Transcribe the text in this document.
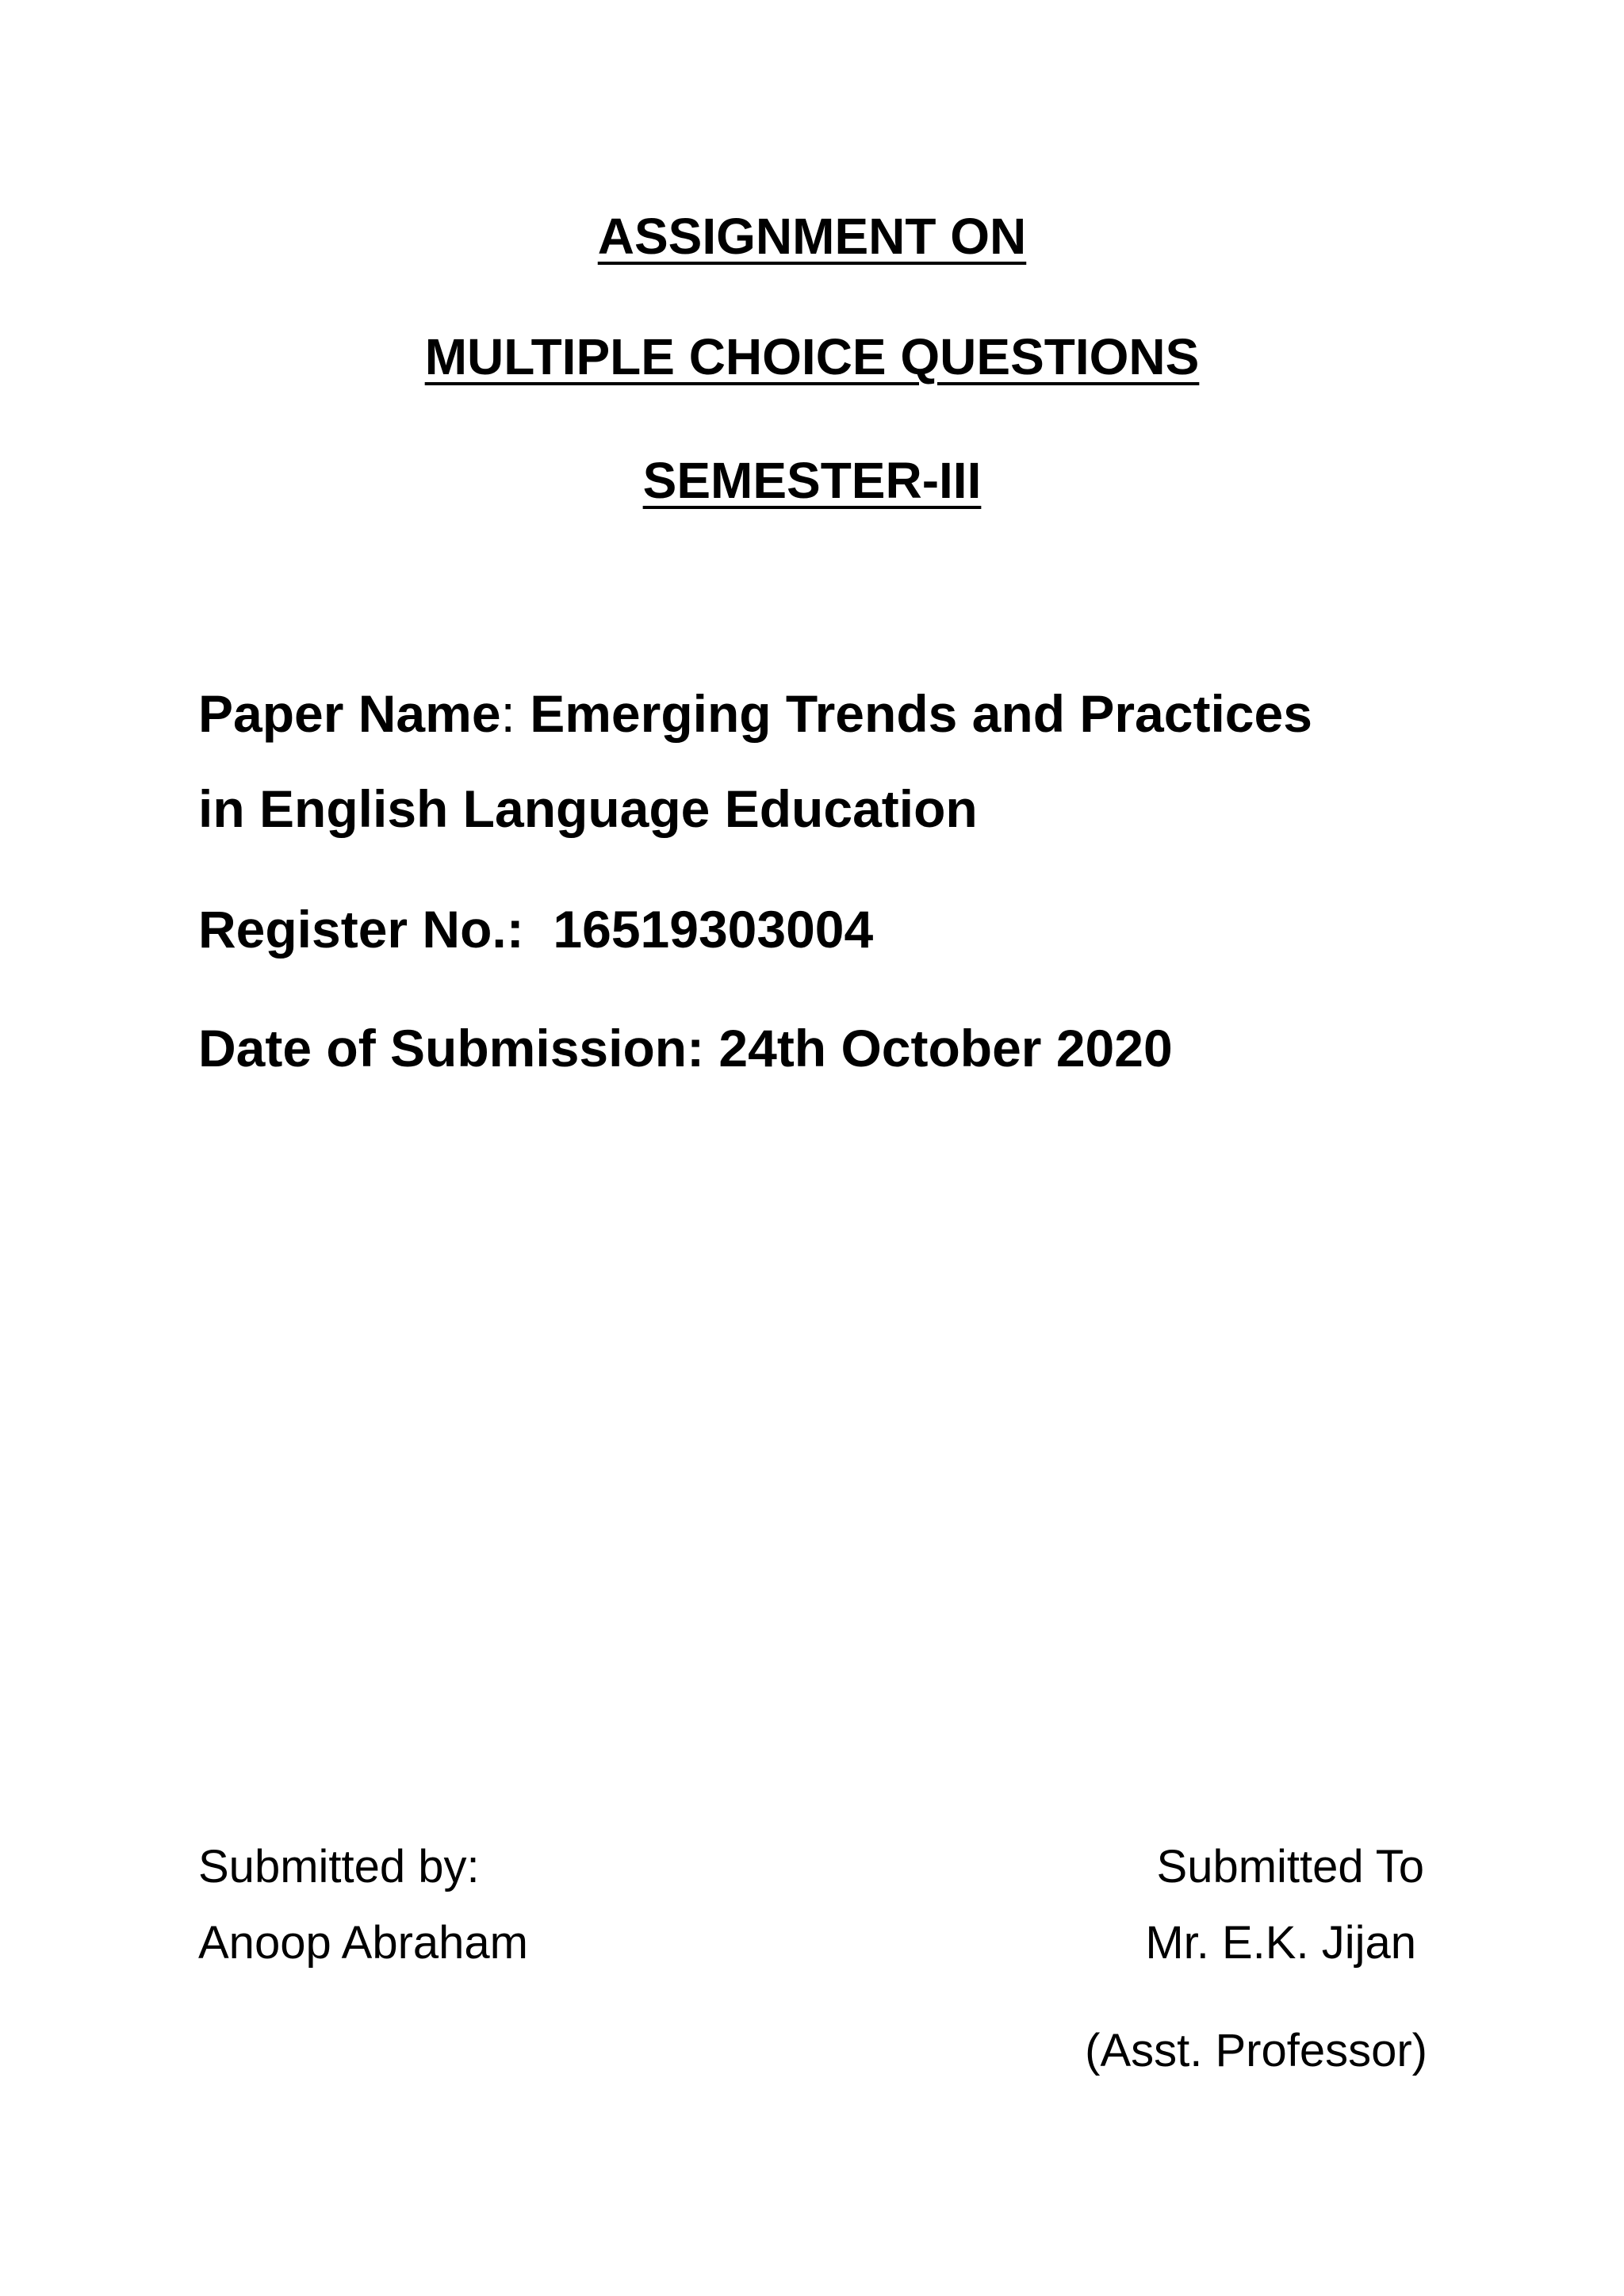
ASSIGNMENT ON
MULTIPLE CHOICE QUESTIONS
SEMESTER-III
Paper Name: Emerging Trends and Practices
in English Language Education
Register No.: 16519303004
Date of Submission: 24th October 2020
Submitted by:
Anoop Abraham
Submitted To
Mr. E.K. Jijan
(Asst. Professor)
